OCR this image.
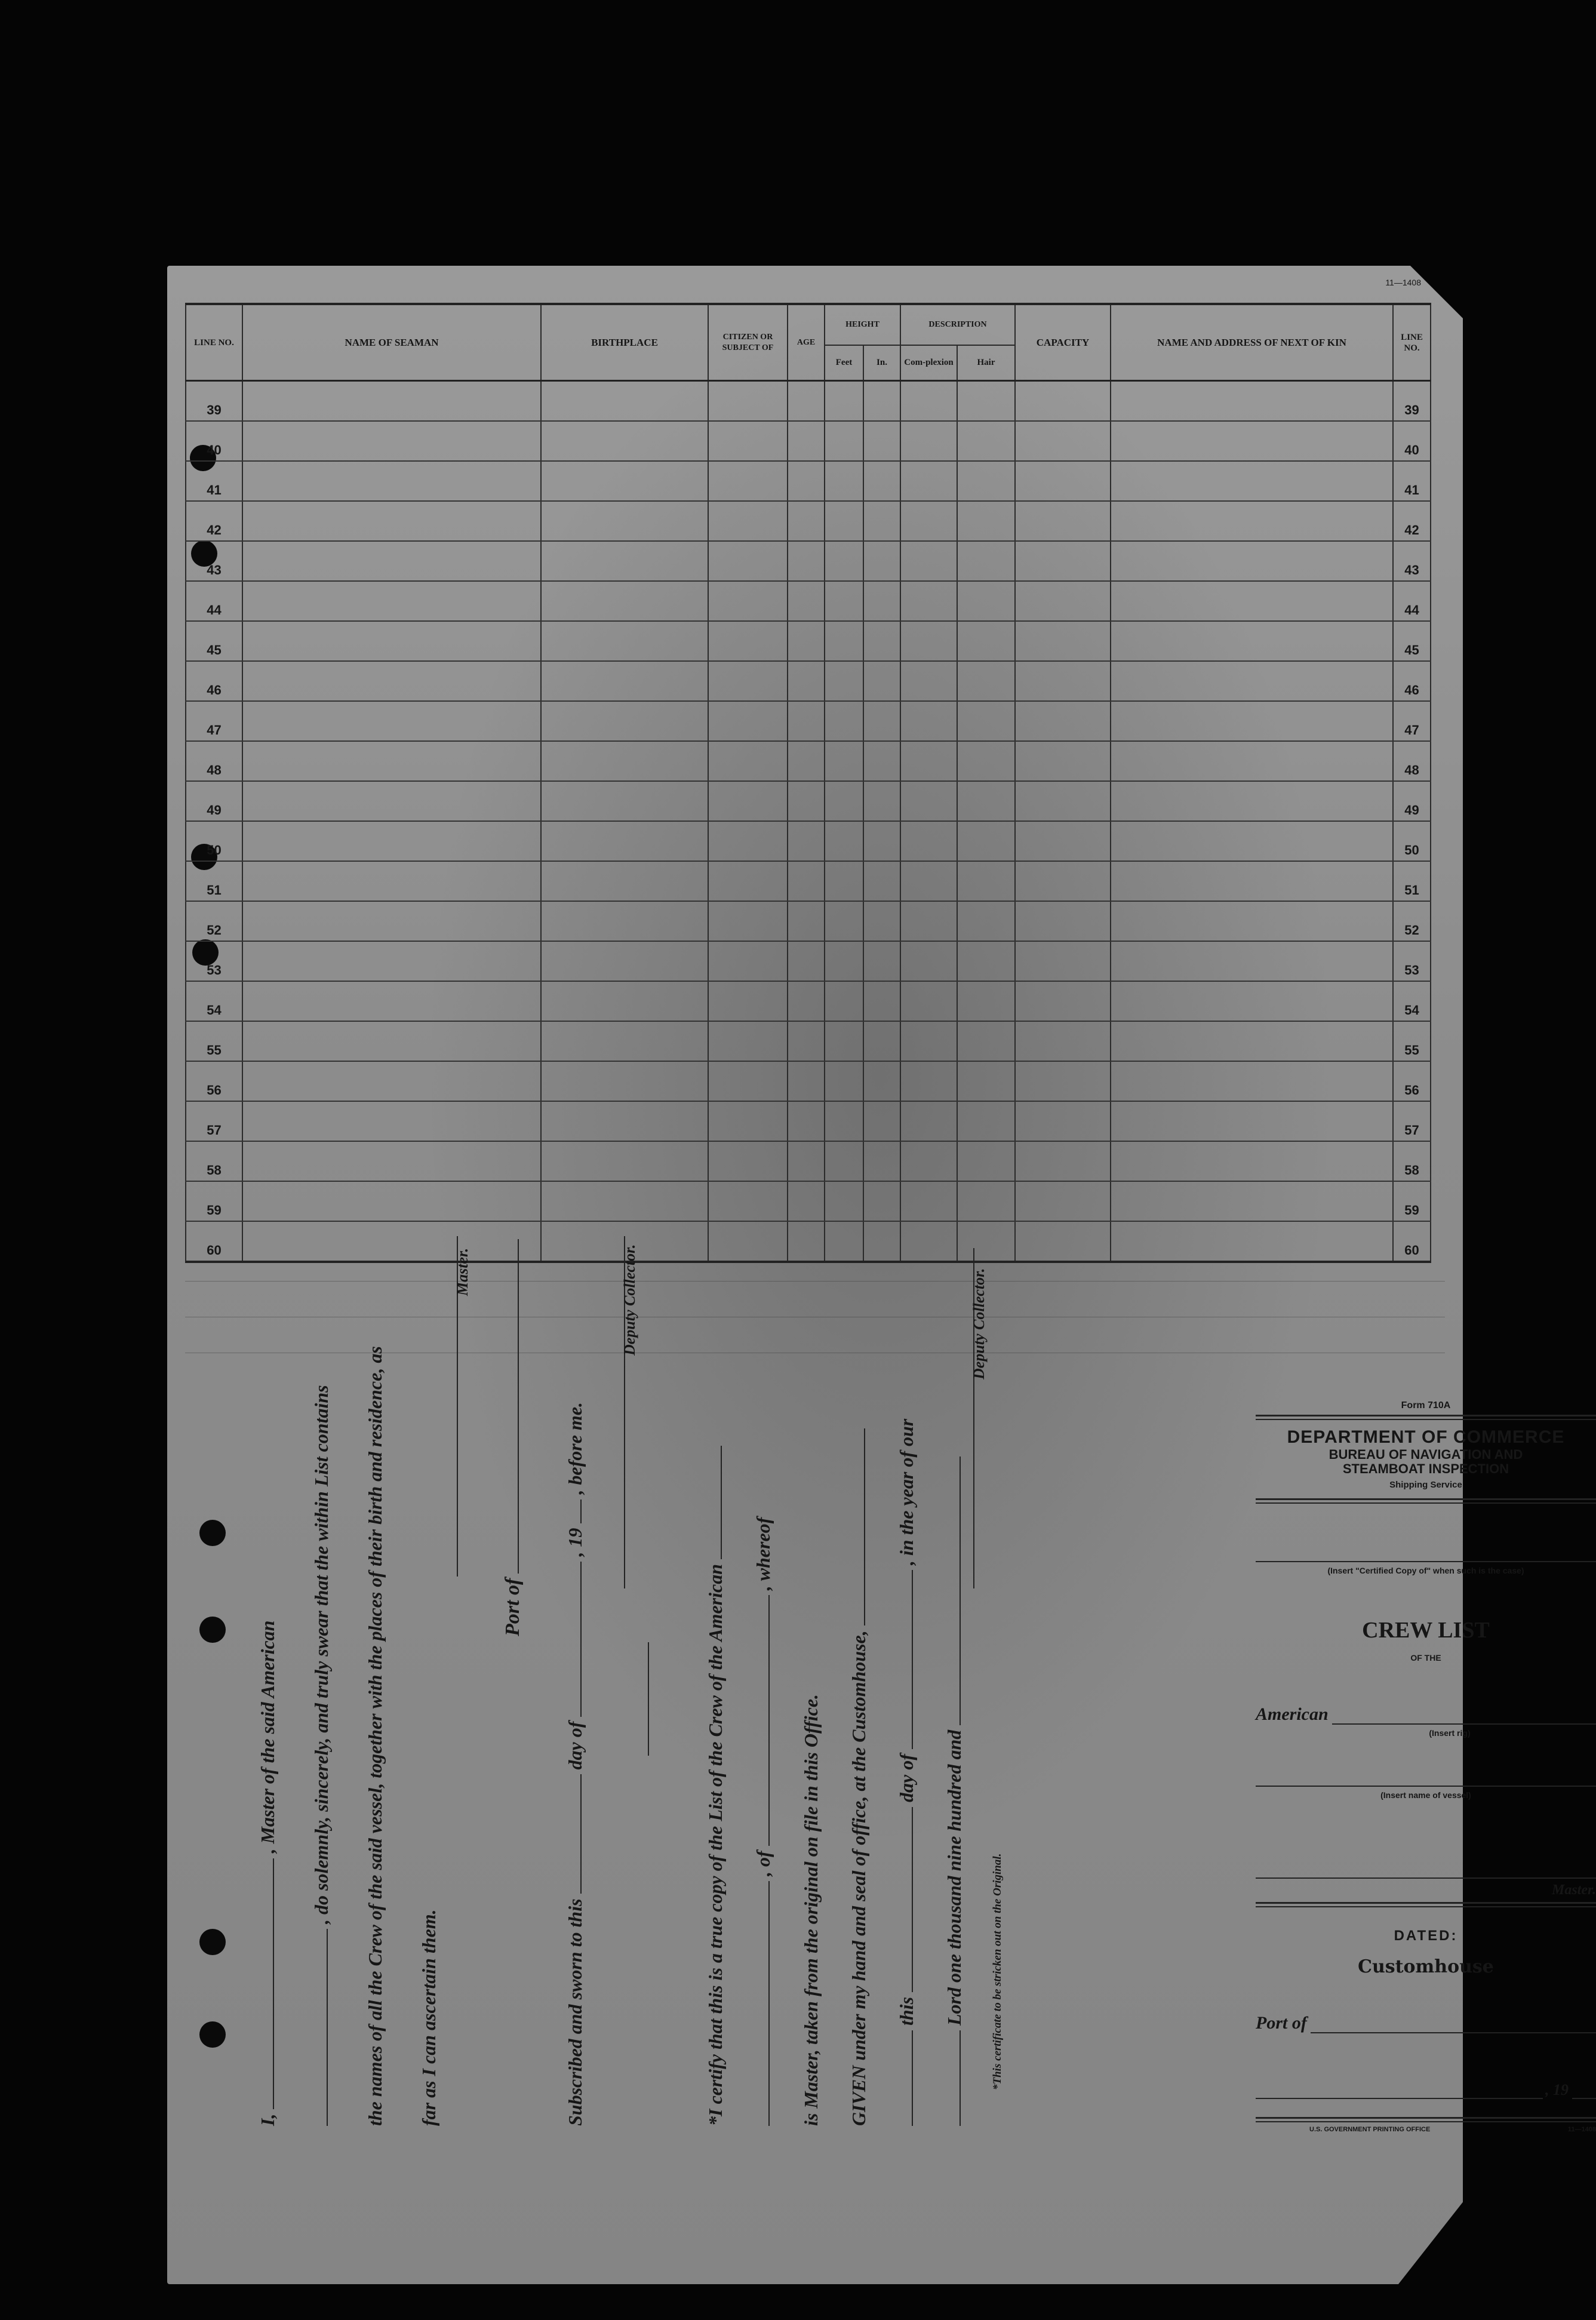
11—1408
LINE NO.	NAME OF SEAMAN	BIRTHPLACE	CITIZEN OR SUBJECT OF	AGE	HEIGHT		DESCRIPTION		CAPACITY	NAME AND ADDRESS OF NEXT OF KIN	LINE NO.
					Feet	In.	Com-plexion	Hair			
39											39
40											40
41											41
42											42
43											43
44											44
45											45
46											46
47											47
48											48
49											49
50											50
51											51
52											52
53											53
54											54
55											55
56											56
57											57
58											58
59											59
60											60
I,  , Master of the said American , do solemnly, sincerely, and truly swear that the within List contains the names of all the Crew of the said vessel, together with the places of their birth and residence, as far as I can ascertain them.
Master.
Port of
Subscribed and sworn to this  day of  , 19  , before me.
Deputy Collector.
*I certify that this is a true copy of the List of the Crew of the American , of  , whereof
is Master, taken from the original on file in this Office. GIVEN under my hand and seal of office, at the Customhouse, this  day of  , in the year of our
Lord one thousand nine hundred and
Deputy Collector.
*This certificate to be stricken out on the Original.
Form 710A
DEPARTMENT OF COMMERCE
BUREAU OF NAVIGATION AND STEAMBOAT INSPECTION
Shipping Service
(Insert "Certified Copy of" when such is the case)
CREW LIST
OF THE
American
(Insert rig)
(Insert name of vessel)
Master.
DATED:
Customhouse
Port of
, 19
U.S. GOVERNMENT PRINTING OFFICE	11—1408
